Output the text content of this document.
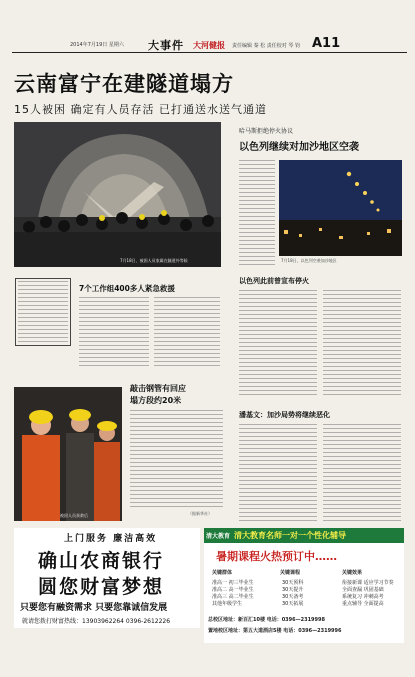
2014年7月19日 星期六 大事件 大河健报 责任编辑 秦 松 责任校对 琴 钧 A11
云南富宁在建隧道塌方
15人被困 确定有人员存活 已打通送水送气通道
7月18日，被困人员家属在隧道外等候
哈马斯拒绝停火协议
以色列继续对加沙地区空袭
7月18日，以色列空袭加沙地区
以色列此前曾宣布停火
潘基文：加沙局势将继续恶化
7个工作组400多人紧急救援
被困人员获救后
敲击钢管有回应
塌方段约20米
（据新华社）
上门服务 廉洁高效
确山农商银行
圆您财富梦想
只要您有融资需求 只要您靠诚信发展
就请您拨打财富热线：13903962264 0396-2612226
清大教育 清大教育名师一对一个性化辅导
暑期课程火热预订中……
关键群体	关键课程	关键效果
准高一 初三毕业生
准高二 高一毕业生
准高三 高二毕业生
其他年级学生
30天预科
30天提升
30天备考
30天拓展
衔接新课 适应学习节奏
全面查漏 巩固基础
系统复习 冲刺高考
重点辅导 全面提高
总校区地址：新百汇10楼 电话：0396—2319998
置地校区地址：第五大道酒店5楼 电话：0396—2319996
